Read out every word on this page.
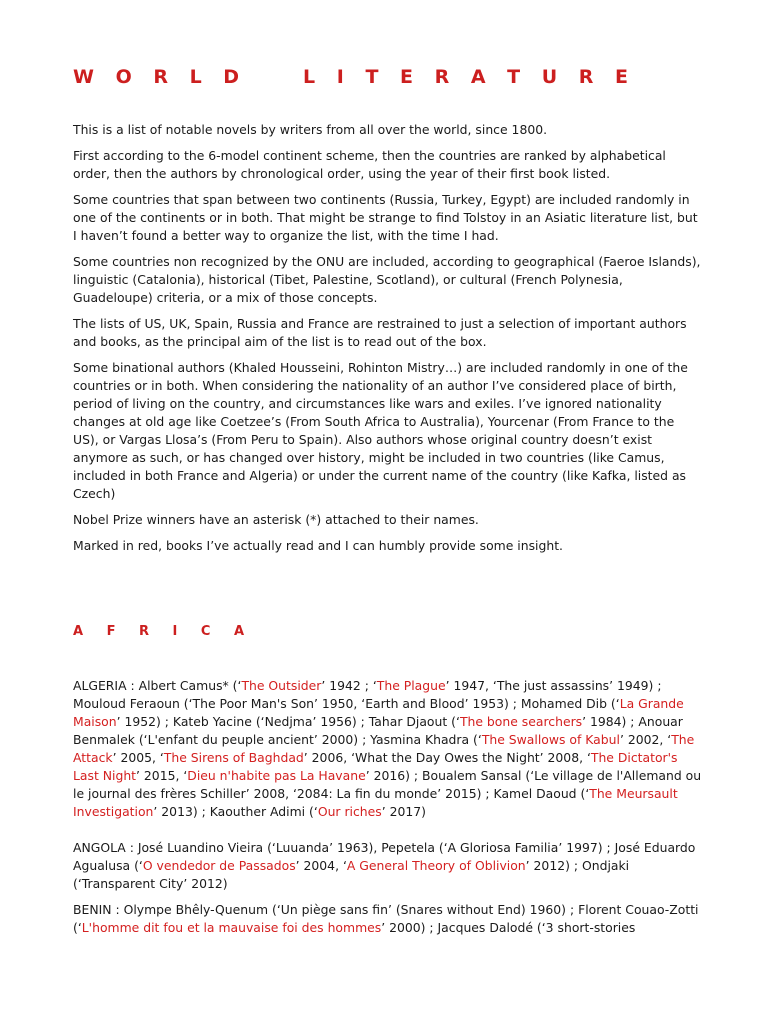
W O R L D    L I T E R A T U R E

This is a list of notable novels by writers from all over the world, since 1800.

First according to the 6-model continent scheme, then the countries are ranked by alphabetical order, then the authors by chronological order, using the year of their first book listed.

Some countries that span between two continents (Russia, Turkey, Egypt) are included randomly in one of the continents or in both. That might be strange to find Tolstoy in an Asiatic literature list, but I haven’t found a better way to organize the list, with the time I had.

Some countries non recognized by the ONU are included, according to geographical (Faeroe Islands), linguistic (Catalonia), historical (Tibet, Palestine, Scotland), or cultural (French Polynesia, Guadeloupe) criteria, or a mix of those concepts.

The lists of US, UK, Spain, Russia and France are restrained to just a selection of important authors and books, as the principal aim of the list is to read out of the box.

Some binational authors (Khaled Housseini, Rohinton Mistry…) are included randomly in one of the countries or in both. When considering the nationality of an author I’ve considered place of birth, period of living on the country, and circumstances like wars and exiles. I’ve ignored nationality changes at old age like Coetzee’s (From South Africa to Australia), Yourcenar (From France to the US), or Vargas Llosa’s (From Peru to Spain). Also authors whose original country doesn’t exist anymore as such, or has changed over history, might be included in two countries (like Camus, included in both France and Algeria) or under the current name of the country (like Kafka, listed as Czech)

Nobel Prize winners have an asterisk (*) attached to their names.

Marked in red, books I’ve actually read and I can humbly provide some insight.

A F R I C A

ALGERIA : Albert Camus* (‘The Outsider’ 1942 ; ‘The Plague’ 1947, ‘The just assassins’ 1949) ; Mouloud Feraoun (‘The Poor Man's Son’ 1950, ‘Earth and Blood’ 1953) ; Mohamed Dib (‘La Grande Maison’ 1952) ; Kateb Yacine (‘Nedjma’ 1956) ; Tahar Djaout (‘The bone searchers’ 1984) ; Anouar Benmalek (‘L'enfant du peuple ancient’ 2000) ; Yasmina Khadra (‘The Swallows of Kabul’ 2002, ‘The Attack’ 2005, ‘The Sirens of Baghdad’ 2006, ‘What the Day Owes the Night’ 2008, ‘The Dictator's Last Night’ 2015, ‘Dieu n'habite pas La Havane’ 2016) ; Boualem Sansal (‘Le village de l'Allemand ou le journal des frères Schiller’ 2008, ‘2084: La fin du monde’ 2015) ; Kamel Daoud (‘The Meursault Investigation’ 2013) ; Kaouther Adimi (‘Our riches’ 2017)

ANGOLA : José Luandino Vieira (‘Luuanda’ 1963), Pepetela (‘A Gloriosa Familia’ 1997) ; José Eduardo Agualusa (‘O vendedor de Passados’ 2004, ‘A General Theory of Oblivion’ 2012) ; Ondjaki (‘Transparent City’ 2012)

BENIN : Olympe Bhêly-Quenum (‘Un piège sans fin’ (Snares without End) 1960) ; Florent Couao-Zotti (‘L'homme dit fou et la mauvaise foi des hommes’ 2000) ; Jacques Dalodé (‘3 short-stories
